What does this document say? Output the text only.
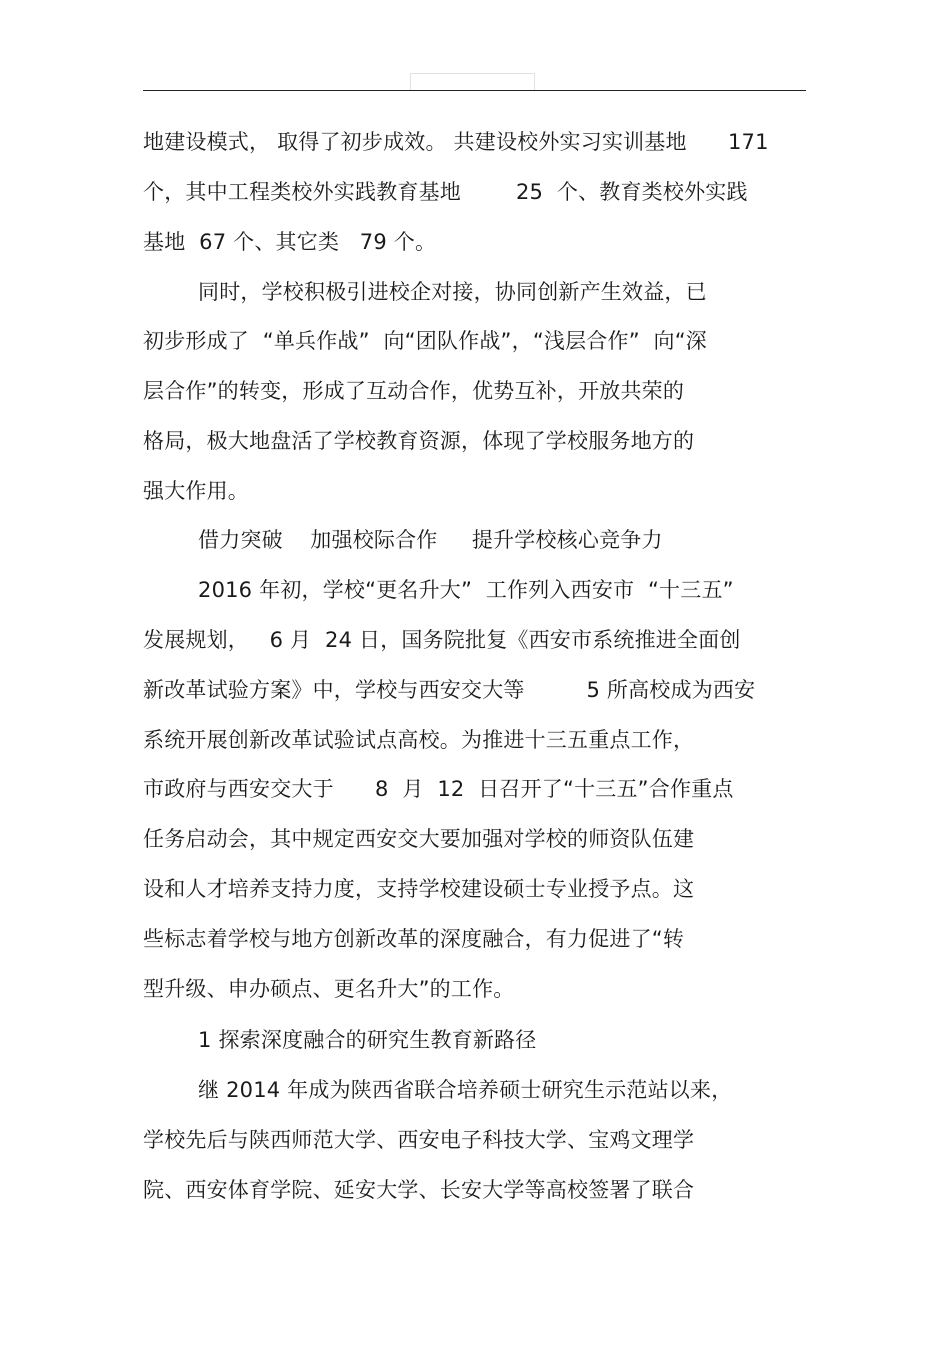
地建设模式， 取得了初步成效。 共建设校外实习实训基地      171
个，其中工程类校外实践教育基地        25  个、教育类校外实践
基地  67 个、其它类   79 个。
同时，学校积极引进校企对接，协同创新产生效益，已
初步形成了  “单兵作战”  向“团队作战”，“浅层合作”  向“深
层合作”的转变，形成了互动合作，优势互补，开放共荣的
格局，极大地盘活了学校教育资源，体现了学校服务地方的
强大作用。
借力突破    加强校际合作     提升学校核心竞争力
2016 年初，学校“更名升大”  工作列入西安市  “十三五”
发展规划，   6 月  24 日，国务院批复《西安市系统推进全面创
新改革试验方案》中，学校与西安交大等         5 所高校成为西安
系统开展创新改革试验试点高校。为推进十三五重点工作，
市政府与西安交大于      8  月  12  日召开了“十三五”合作重点
任务启动会，其中规定西安交大要加强对学校的师资队伍建
设和人才培养支持力度，支持学校建设硕士专业授予点。这
些标志着学校与地方创新改革的深度融合，有力促进了“转
型升级、申办硕点、更名升大”的工作。
1 探索深度融合的研究生教育新路径
继 2014 年成为陕西省联合培养硕士研究生示范站以来，
学校先后与陕西师范大学、西安电子科技大学、宝鸡文理学
院、西安体育学院、延安大学、长安大学等高校签署了联合
